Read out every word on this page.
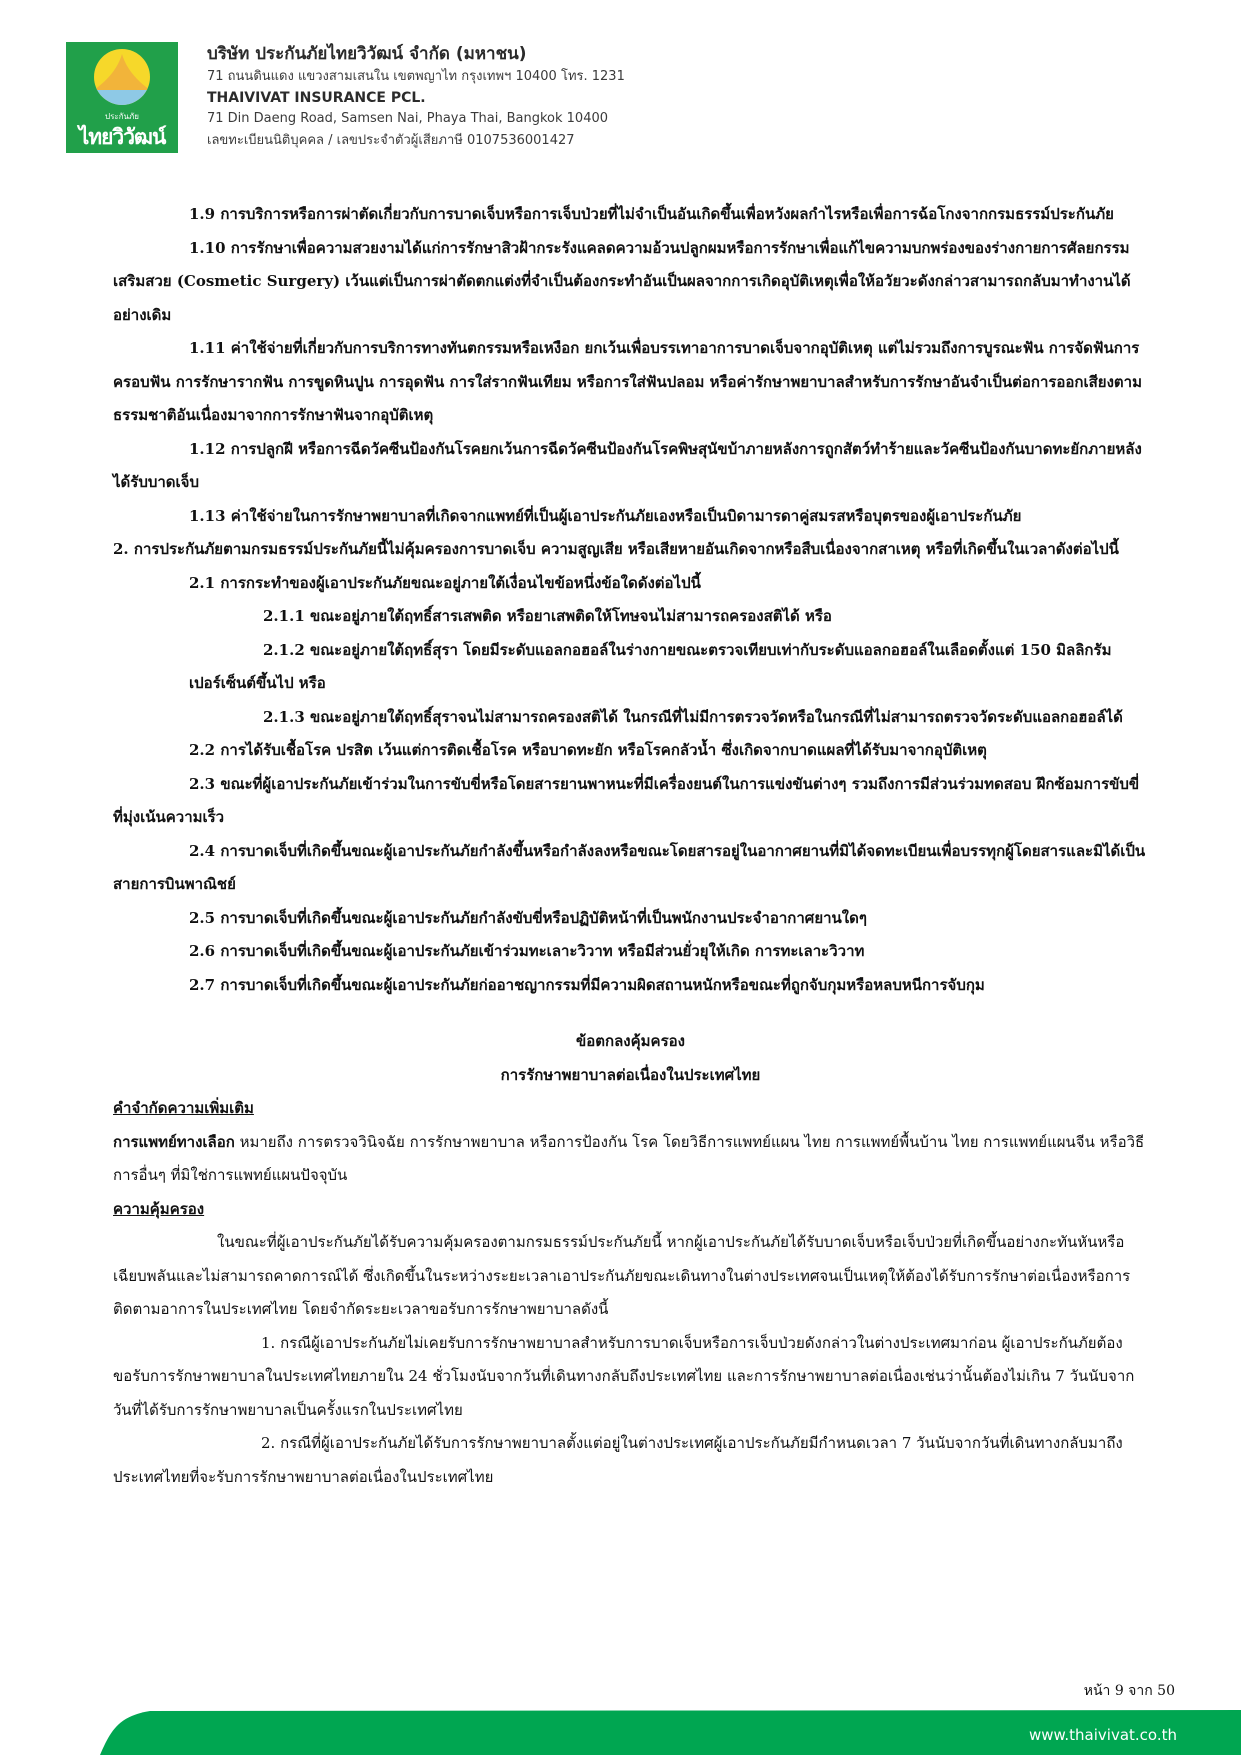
ประกันภัย
ไทยวิวัฒน์
บริษัท ประกันภัยไทยวิวัฒน์ จำกัด (มหาชน)
71 ถนนดินแดง แขวงสามเสนใน เขตพญาไท กรุงเทพฯ 10400 โทร. 1231
THAIVIVAT INSURANCE PCL.
71 Din Daeng Road, Samsen Nai, Phaya Thai, Bangkok 10400
เลขทะเบียนนิติบุคคล / เลขประจำตัวผู้เสียภาษี 0107536001427

1.9 การบริการหรือการผ่าตัดเกี่ยวกับการบาดเจ็บหรือการเจ็บป่วยที่ไม่จำเป็นอันเกิดขึ้นเพื่อหวังผลกำไรหรือเพื่อการฉ้อโกงจากกรมธรรม์ประกันภัย

1.10 การรักษาเพื่อความสวยงามได้แก่การรักษาสิวฝ้ากระรังแคลดความอ้วนปลูกผมหรือการรักษาเพื่อแก้ไขความบกพร่องของร่างกายการศัลยกรรมเสริมสวย (Cosmetic Surgery) เว้นแต่เป็นการผ่าตัดตกแต่งที่จำเป็นต้องกระทำอันเป็นผลจากการเกิดอุบัติเหตุเพื่อให้อวัยวะดังกล่าวสามารถกลับมาทำงานได้อย่างเดิม

1.11 ค่าใช้จ่ายที่เกี่ยวกับการบริการทางทันตกรรมหรือเหงือก ยกเว้นเพื่อบรรเทาอาการบาดเจ็บจากอุบัติเหตุ แต่ไม่รวมถึงการบูรณะฟัน การจัดฟันการครอบฟัน การรักษารากฟัน การขูดหินปูน การอุดฟัน การใส่รากฟันเทียม หรือการใส่ฟันปลอม หรือค่ารักษาพยาบาลสำหรับการรักษาอันจำเป็นต่อการออกเสียงตามธรรมชาติอันเนื่องมาจากการรักษาฟันจากอุบัติเหตุ

1.12 การปลูกฝี หรือการฉีดวัคซีนป้องกันโรคยกเว้นการฉีดวัคซีนป้องกันโรคพิษสุนัขบ้าภายหลังการถูกสัตว์ทำร้ายและวัคซีนป้องกันบาดทะยักภายหลังได้รับบาดเจ็บ

1.13 ค่าใช้จ่ายในการรักษาพยาบาลที่เกิดจากแพทย์ที่เป็นผู้เอาประกันภัยเองหรือเป็นบิดามารดาคู่สมรสหรือบุตรของผู้เอาประกันภัย

2. การประกันภัยตามกรมธรรม์ประกันภัยนี้ไม่คุ้มครองการบาดเจ็บ ความสูญเสีย หรือเสียหายอันเกิดจากหรือสืบเนื่องจากสาเหตุ หรือที่เกิดขึ้นในเวลาดังต่อไปนี้

2.1 การกระทำของผู้เอาประกันภัยขณะอยู่ภายใต้เงื่อนไขข้อหนึ่งข้อใดดังต่อไปนี้

2.1.1 ขณะอยู่ภายใต้ฤทธิ์สารเสพติด หรือยาเสพติดให้โทษจนไม่สามารถครองสติได้ หรือ

2.1.2 ขณะอยู่ภายใต้ฤทธิ์สุรา โดยมีระดับแอลกอฮอล์ในร่างกายขณะตรวจเทียบเท่ากับระดับแอลกอฮอล์ในเลือดตั้งแต่ 150 มิลลิกรัมเปอร์เซ็นต์ขึ้นไป หรือ

2.1.3 ขณะอยู่ภายใต้ฤทธิ์สุราจนไม่สามารถครองสติได้ ในกรณีที่ไม่มีการตรวจวัดหรือในกรณีที่ไม่สามารถตรวจวัดระดับแอลกอฮอล์ได้

2.2 การได้รับเชื้อโรค ปรสิต เว้นแต่การติดเชื้อโรค หรือบาดทะยัก หรือโรคกลัวน้ำ ซึ่งเกิดจากบาดแผลที่ได้รับมาจากอุบัติเหตุ

2.3 ขณะที่ผู้เอาประกันภัยเข้าร่วมในการขับขี่หรือโดยสารยานพาหนะที่มีเครื่องยนต์ในการแข่งขันต่างๆ รวมถึงการมีส่วนร่วมทดสอบ ฝึกซ้อมการขับขี่ที่มุ่งเน้นความเร็ว

2.4 การบาดเจ็บที่เกิดขึ้นขณะผู้เอาประกันภัยกำลังขึ้นหรือกำลังลงหรือขณะโดยสารอยู่ในอากาศยานที่มิได้จดทะเบียนเพื่อบรรทุกผู้โดยสารและมิได้เป็นสายการบินพาณิชย์

2.5 การบาดเจ็บที่เกิดขึ้นขณะผู้เอาประกันภัยกำลังขับขี่หรือปฏิบัติหน้าที่เป็นพนักงานประจำอากาศยานใดๆ

2.6 การบาดเจ็บที่เกิดขึ้นขณะผู้เอาประกันภัยเข้าร่วมทะเลาะวิวาท หรือมีส่วนยั่วยุให้เกิด การทะเลาะวิวาท

2.7 การบาดเจ็บที่เกิดขึ้นขณะผู้เอาประกันภัยก่ออาชญากรรมที่มีความผิดสถานหนักหรือขณะที่ถูกจับกุมหรือหลบหนีการจับกุม

ข้อตกลงคุ้มครอง

การรักษาพยาบาลต่อเนื่องในประเทศไทย

คำจำกัดความเพิ่มเติม

การแพทย์ทางเลือก หมายถึง การตรวจวินิจฉัย การรักษาพยาบาล หรือการป้องกัน โรค โดยวิธีการแพทย์แผน ไทย การแพทย์พื้นบ้าน ไทย การแพทย์แผนจีน หรือวิธีการอื่นๆ ที่มิใช่การแพทย์แผนปัจจุบัน

ความคุ้มครอง

ในขณะที่ผู้เอาประกันภัยได้รับความคุ้มครองตามกรมธรรม์ประกันภัยนี้ หากผู้เอาประกันภัยได้รับบาดเจ็บหรือเจ็บป่วยที่เกิดขึ้นอย่างกะทันหันหรือเฉียบพลันและไม่สามารถคาดการณ์ได้ ซึ่งเกิดขึ้นในระหว่างระยะเวลาเอาประกันภัยขณะเดินทางในต่างประเทศจนเป็นเหตุให้ต้องได้รับการรักษาต่อเนื่องหรือการติดตามอาการในประเทศไทย โดยจำกัดระยะเวลาขอรับการรักษาพยาบาลดังนี้

1. กรณีผู้เอาประกันภัยไม่เคยรับการรักษาพยาบาลสำหรับการบาดเจ็บหรือการเจ็บป่วยดังกล่าวในต่างประเทศมาก่อน ผู้เอาประกันภัยต้องขอรับการรักษาพยาบาลในประเทศไทยภายใน 24 ชั่วโมงนับจากวันที่เดินทางกลับถึงประเทศไทย และการรักษาพยาบาลต่อเนื่องเช่นว่านั้นต้องไม่เกิน 7 วันนับจากวันที่ได้รับการรักษาพยาบาลเป็นครั้งแรกในประเทศไทย

2. กรณีที่ผู้เอาประกันภัยได้รับการรักษาพยาบาลตั้งแต่อยู่ในต่างประเทศผู้เอาประกันภัยมีกำหนดเวลา 7 วันนับจากวันที่เดินทางกลับมาถึงประเทศไทยที่จะรับการรักษาพยาบาลต่อเนื่องในประเทศไทย

หน้า 9 จาก 50
www.thaivivat.co.th
